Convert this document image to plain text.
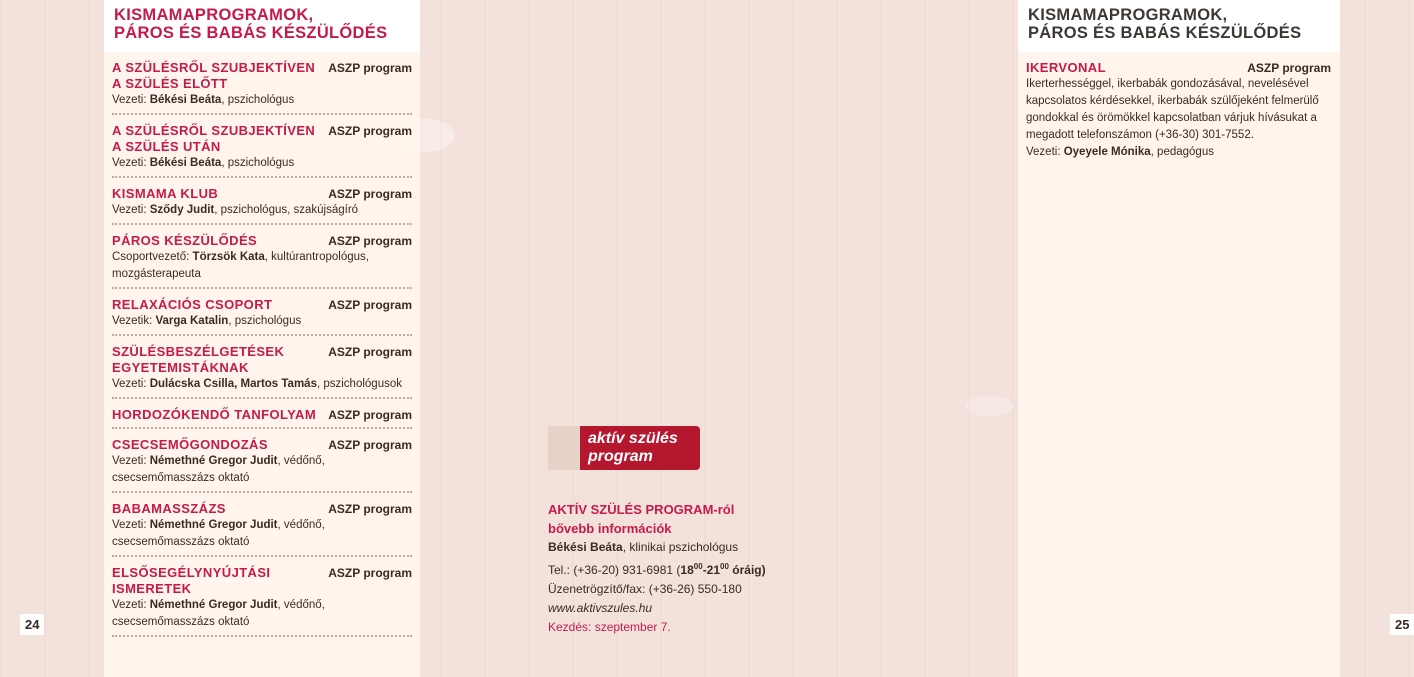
KISMAMAPROGRAMOK,
PÁROS ÉS BABÁS KÉSZÜLŐDÉS
A SZÜLÉSRŐL SZUBJEKTÍVEN
A SZÜLÉS ELŐTT
ASZP program
Vezeti: Békési Beáta, pszichológus
A SZÜLÉSRŐL SZUBJEKTÍVEN
A SZÜLÉS UTÁN
ASZP program
Vezeti: Békési Beáta, pszichológus
KISMAMA KLUB	ASZP program
Vezeti: Sződy Judit, pszichológus, szakújságíró
PÁROS KÉSZÜLŐDÉS	ASZP program
Csoportvezető: Törzsök Kata, kultúrantropológus, mozgásterapeuta
RELAXÁCIÓS CSOPORT	ASZP program
Vezetik: Varga Katalin, pszichológus
SZÜLÉSBESZÉLGETÉSEK
EGYETEMISTÁKNAK
ASZP program
Vezeti: Dulácska Csilla, Martos Tamás, pszichológusok
HORDOZÓKENDŐ TANFOLYAM	ASZP program
CSECSEMŐGONDOZÁS	ASZP program
Vezeti: Némethné Gregor Judit, védőnő, csecsemőmasszázs oktató
BABAMASSZÁZS	ASZP program
Vezeti: Némethné Gregor Judit, védőnő, csecsemőmasszázs oktató
ELSŐSEGÉLYNYÚJTÁSI ISMERETEK
ASZP program
Vezeti: Némethné Gregor Judit, védőnő, csecsemőmasszázs oktató
24
KISMAMAPROGRAMOK,
PÁROS ÉS BABÁS KÉSZÜLŐDÉS
IKERVONAL	ASZP program
Ikerterhességgel, ikerbabák gondozásával, nevelésével kapcsolatos kérdésekkel, ikerbabák szülőjeként felmerülő gondokkal és örömökkel kapcsolatban várjuk hívásukat a megadott telefonszámon (+36-30) 301-7552.
Vezeti: Oyeyele Mónika, pedagógus
25
aktív szülés
program
AKTÍV SZÜLÉS PROGRAM-ról
bővebb információk
Békési Beáta, klinikai pszichológus
Tel.: (+36-20) 931-6981 ($18^{00}-21^{00}$ óráig)
Üzenetrögzítő/fax: (+36-26) 550-180
www.aktivszules.hu
Kezdés: szeptember 7.
